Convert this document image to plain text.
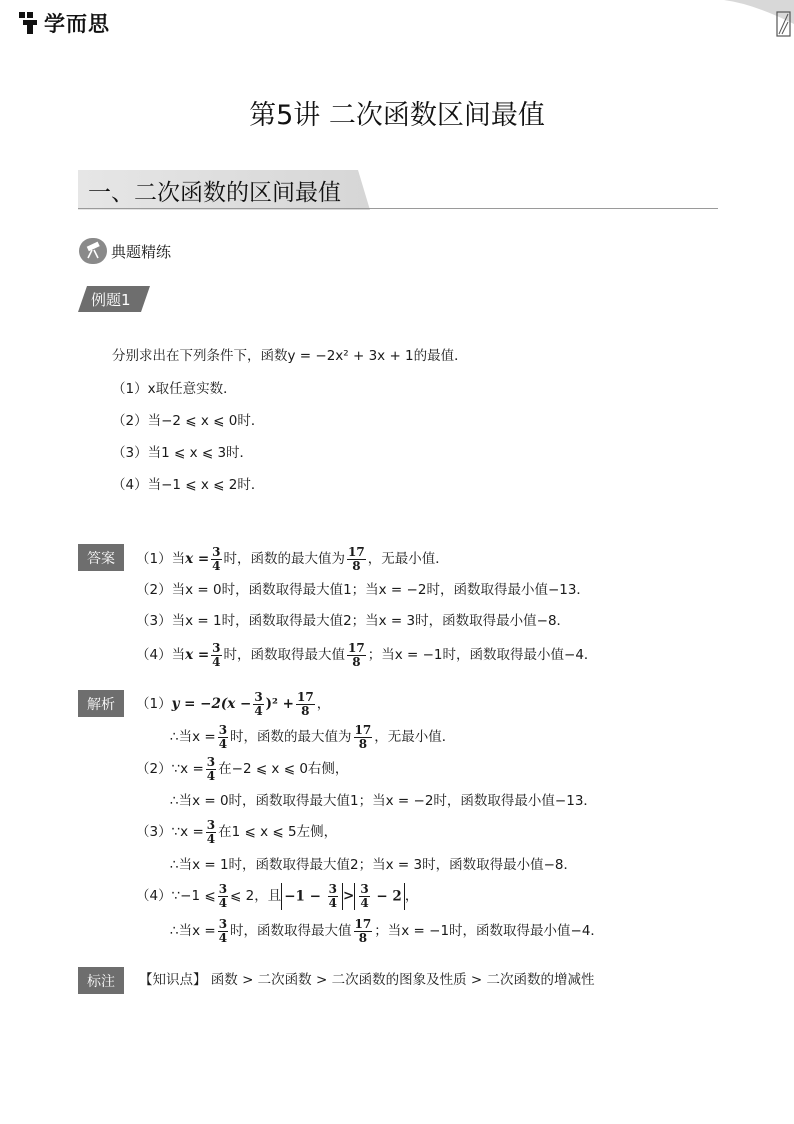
学而思
第5讲 二次函数区间最值
一、二次函数的区间最值
典题精练
例题1
分别求出在下列条件下，函数y = −2x² + 3x + 1的最值．
（1）x取任意实数．
（2）当−2 ⩽ x ⩽ 0时．
（3）当1 ⩽ x ⩽ 3时．
（4）当−1 ⩽ x ⩽ 2时．
答案	（1） 当 $x = \frac{3}{4}$ 时，函数的最大值为 $\frac{17}{8}$ ，无最小值．
（2）当x = 0时，函数取得最大值1；当x = −2时，函数取得最小值−13．
（3）当x = 1时，函数取得最大值2；当x = 3时，函数取得最小值−8．
（4） 当 $x = \frac{3}{4}$ 时，函数取得最大值 $\frac{17}{8}$ ；当x = −1时，函数取得最小值−4．
解析	（1） $y = -2(x - \frac{3}{4} )^2 + \frac{17}{8}$ ，
∴当$x = \frac{3}{4}$ 时，函数的最大值为 $\frac{17}{8}$ ，无最小值．
（2） ∵x = $\frac{3}{4}$ 在−2 ⩽ x ⩽ 0右侧，
∴当x = 0时，函数取得最大值1；当x = −2时，函数取得最小值−13．
（3） ∵x = $\frac{3}{4}$ 在1 ⩽ x ⩽ 5左侧，
∴当x = 1时，函数取得最大值2；当x = 3时，函数取得最小值−8．
（4） ∵−1 ⩽ $\frac{3}{4}$ ⩽ 2，且 $-1 - \frac{3}{4} > \frac{3}{4} - 2$ ，
∴当$x = \frac{3}{4}$ 时，函数取得最大值 $\frac{17}{8}$ ；当x = −1时，函数取得最小值−4．
标注	【知识点】 函数 > 二次函数 > 二次函数的图象及性质 > 二次函数的增减性
